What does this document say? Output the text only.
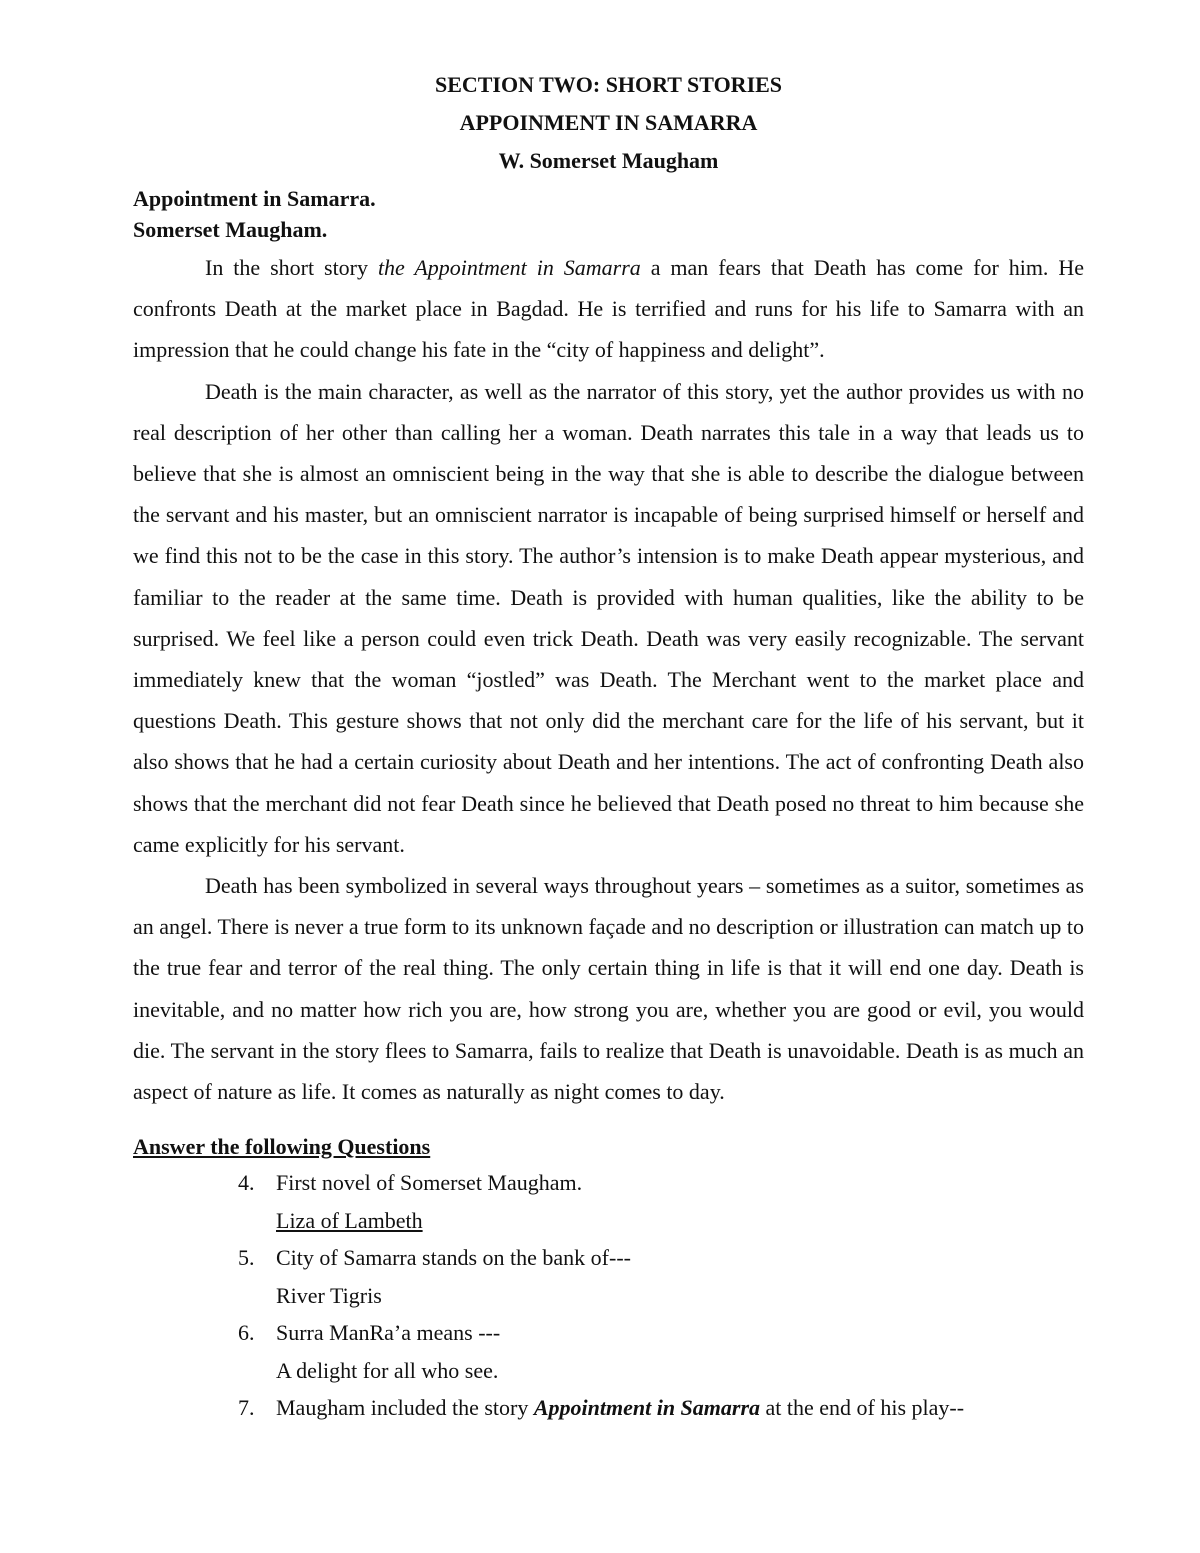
SECTION TWO: SHORT STORIES
APPOINMENT IN SAMARRA
W. Somerset Maugham
Appointment in Samarra.
Somerset Maugham.

In the short story the Appointment in Samarra a man fears that Death has come for him. He confronts Death at the market place in Bagdad. He is terrified and runs for his life to Samarra with an impression that he could change his fate in the “city of happiness and delight”.

Death is the main character, as well as the narrator of this story, yet the author provides us with no real description of her other than calling her a woman. Death narrates this tale in a way that leads us to believe that she is almost an omniscient being in the way that she is able to describe the dialogue between the servant and his master, but an omniscient narrator is incapable of being surprised himself or herself and we find this not to be the case in this story. The author’s intension is to make Death appear mysterious, and familiar to the reader at the same time. Death is provided with human qualities, like the ability to be surprised. We feel like a person could even trick Death. Death was very easily recognizable. The servant immediately knew that the woman “jostled” was Death. The Merchant went to the market place and questions Death. This gesture shows that not only did the merchant care for the life of his servant, but it also shows that he had a certain curiosity about Death and her intentions. The act of confronting Death also shows that the merchant did not fear Death since he believed that Death posed no threat to him because she came explicitly for his servant.

Death has been symbolized in several ways throughout years – sometimes as a suitor, sometimes as an angel. There is never a true form to its unknown façade and no description or illustration can match up to the true fear and terror of the real thing. The only certain thing in life is that it will end one day. Death is inevitable, and no matter how rich you are, how strong you are, whether you are good or evil, you would die. The servant in the story flees to Samarra, fails to realize that Death is unavoidable. Death is as much an aspect of nature as life. It comes as naturally as night comes to day.

Answer the following Questions
4. First novel of Somerset Maugham.
Liza of Lambeth
5. City of Samarra stands on the bank of---
River Tigris
6. Surra ManRa’a means ---
A delight for all who see.
7. Maugham included the story Appointment in Samarra at the end of his play--
